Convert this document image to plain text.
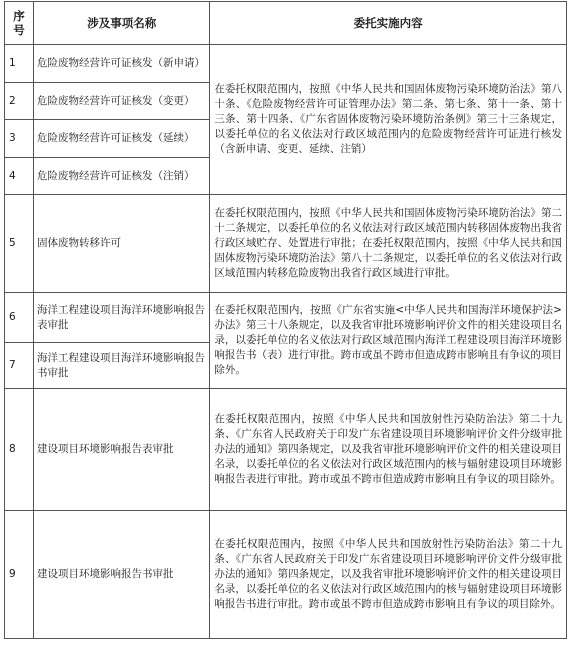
序号	涉及事项名称	委托实施内容
1	危险废物经营许可证核发（新申请）	在委托权限范围内，按照《中华人民共和国固体废物污染环境防治法》第八十条、《危险废物经营许可证管理办法》第二条、第七条、第十一条、第十三条、第十四条、《广东省固体废物污染环境防治条例》第三十三条规定，以委托单位的名义依法对行政区域范围内的危险废物经营许可证进行核发（含新申请、变更、延续、注销）
2	危险废物经营许可证核发（变更）	
3	危险废物经营许可证核发（延续）	
4	危险废物经营许可证核发（注销）	
5	固体废物转移许可	在委托权限范围内，按照《中华人民共和国固体废物污染环境防治法》第二十二条规定，以委托单位的名义依法对行政区域范围内转移固体废物出我省行政区域贮存、处置进行审批；在委托权限范围内，按照《中华人民共和国固体废物污染环境防治法》第八十二条规定，以委托单位的名义依法对行政区域范围内转移危险废物出我省行政区域进行审批。
6	海洋工程建设项目海洋环境影响报告表审批	在委托权限范围内，按照《广东省实施<中华人民共和国海洋环境保护法>办法》第三十八条规定，以及我省审批环境影响评价文件的相关建设项目名录，以委托单位的名义依法对行政区域范围内海洋工程建设项目海洋环境影响报告书（表）进行审批。跨市或虽不跨市但造成跨市影响且有争议的项目除外。
7	海洋工程建设项目海洋环境影响报告书审批	
8	建设项目环境影响报告表审批	在委托权限范围内，按照《中华人民共和国放射性污染防治法》第二十九条、《广东省人民政府关于印发广东省建设项目环境影响评价文件分级审批办法的通知》第四条规定，以及我省审批环境影响评价文件的相关建设项目名录，以委托单位的名义依法对行政区域范围内的核与辐射建设项目环境影响报告表进行审批。跨市或虽不跨市但造成跨市影响且有争议的项目除外。
9	建设项目环境影响报告书审批	在委托权限范围内，按照《中华人民共和国放射性污染防治法》第二十九条、《广东省人民政府关于印发广东省建设项目环境影响评价文件分级审批办法的通知》第四条规定，以及我省审批环境影响评价文件的相关建设项目名录，以委托单位的名义依法对行政区域范围内的核与辐射建设项目环境影响报告书进行审批。跨市或虽不跨市但造成跨市影响且有争议的项目除外。
